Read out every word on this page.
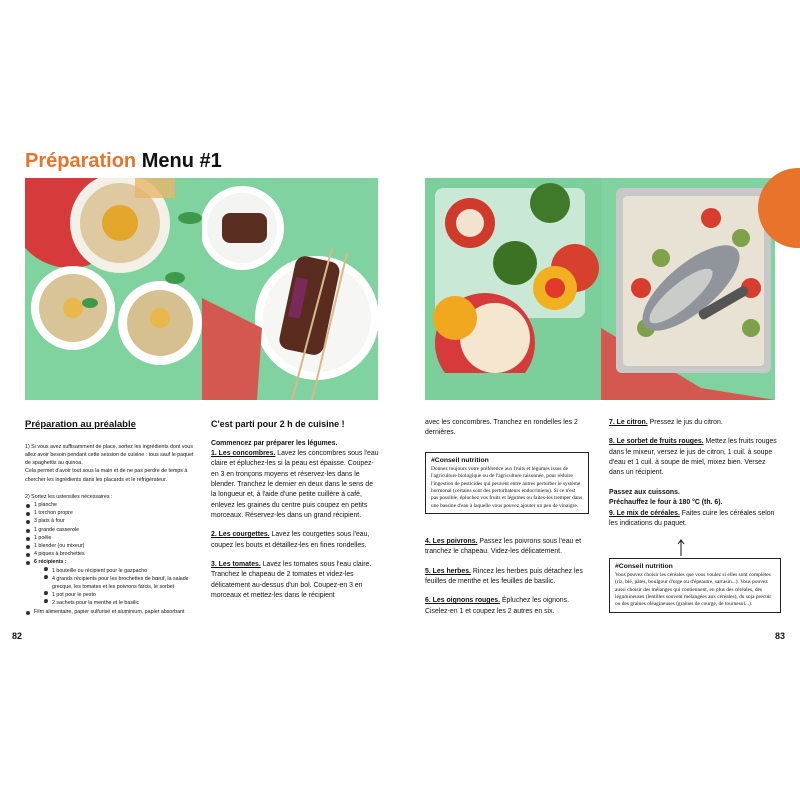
Préparation Menu #1
Préparation au préalable
1) Si vous avez suffisamment de place, sortez les ingrédients dont vous allez avoir besoin pendant cette session de cuisine : tous sauf le paquet de spaghettis au quinoa.
Cela permet d'avoir tout sous la main et de ne pas perdre de temps à chercher les ingrédients dans les placards et le réfrigérateur.
2) Sortez les ustensiles nécessaires :
1 planche
1 torchon propre
3 plats à four
1 grande casserole
1 poêle
1 blender (ou mixeur)
4 piques à brochettes
6 récipients :
- 1 bouteille ou récipient pour le gazpacho
- 4 grands récipients pour les brochettes de bœuf, la salade grecque, les tomates et les poivrons farcis, le sorbet
- 1 pot pour le pesto
- 2 sachets pour la menthe et le basilic
Film alimentaire, papier sulfurisé et aluminium, papier absorbant
C'est parti pour 2 h de cuisine !
Commencez par préparer les légumes.
1. Les concombres. Lavez les concombres sous l'eau claire et épluchez-les si la peau est épaisse. Coupez-en 3 en tronçons moyens et réservez-les dans le blender. Tranchez le dernier en deux dans le sens de la longueur et, à l'aide d'une petite cuillère à café, enlevez les graines du centre puis coupez en petits morceaux. Réservez-les dans un grand récipient.
2. Les courgettes. Lavez les courgettes sous l'eau, coupez les bouts et détaillez-les en fines rondelles.
3. Les tomates. Lavez les tomates sous l'eau claire. Tranchez le chapeau de 2 tomates et videz-les délicatement au-dessus d'un bol. Coupez-en 3 en morceaux et mettez-les dans le récipient
avec les concombres. Tranchez en rondelles les 2 dernières.
#Conseil nutrition
Donnez toujours votre préférence aux fruits et légumes issus de l'agriculture biologique ou de l'agriculture raisonnée, pour réduire l'ingestion de pesticides qui peuvent entre autres perturber le système hormonal (certains sont des perturbateurs endocriniens). Si ce n'est pas possible, épluchez vos fruits et légumes ou faites-les tremper dans une bassine d'eau à laquelle vous pouvez ajouter un peu de vinaigre.
4. Les poivrons. Passez les poivrons sous l'eau et tranchez le chapeau. Videz-les délicatement.
5. Les herbes. Rincez les herbes puis détachez les feuilles de menthe et les feuilles de basilic.
6. Les oignons rouges. Épluchez les oignons. Ciselez-en 1 et coupez les 2 autres en six.
7. Le citron. Pressez le jus du citron.
8. Le sorbet de fruits rouges. Mettez les fruits rouges dans le mixeur, versez le jus de citron, 1 cuil. à soupe d'eau et 1 cuil. à soupe de miel, mixez bien. Versez dans un récipient.
Passez aux cuissons.
Préchauffez le four à 180 °C (th. 6).
9. Le mix de céréales. Faites cuire les céréales selon les indications du paquet.
#Conseil nutrition
Vous pouvez choisir les céréales que vous voulez si elles sont complètes (riz, blé, pâtes, boulgour d'orge ou d'épeautre, sarrasin...). Vous pouvez aussi choisir des mélanges qui contiennent, en plus des céréales, des légumineuses (lentilles souvent mélangées aux céréales), du soja précuit ou des graines oléagineuses (graines de courge, de tournesol...).
82	83
